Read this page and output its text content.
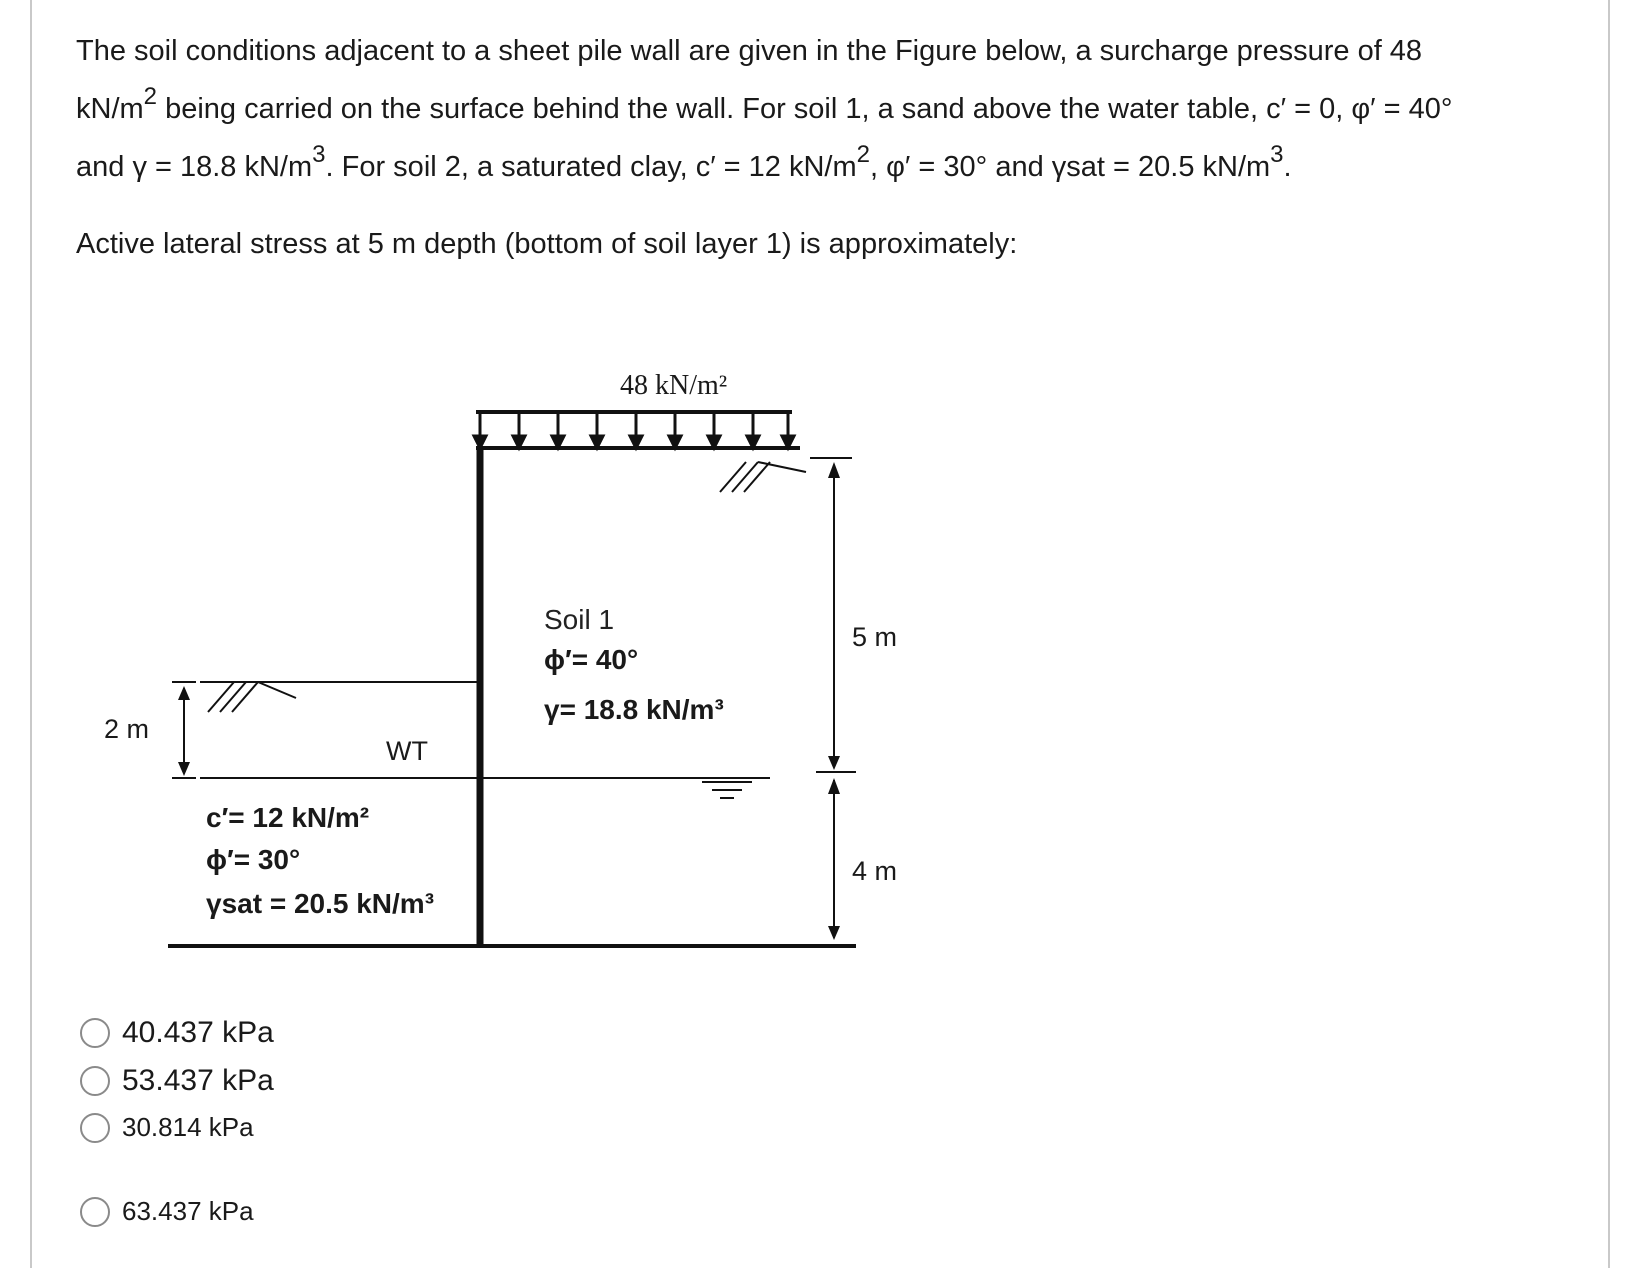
The soil conditions adjacent to a sheet pile wall are given in the Figure below, a surcharge pressure of 48
$kN/m^2$ being carried on the surface behind the wall. For soil 1, a sand above the water table, c′ = 0, φ′ = 40°
and γ = 18.8 $kN/m^3$. For soil 2, a saturated clay, c′ = 12 $kN/m^2$, φ′ = 30° and γsat = 20.5 $kN/m^3$.

Active lateral stress at 5 m depth (bottom of soil layer 1) is approximately:

48 kN/m²
Soil 1
ϕ′= 40°
γ= 18.8 kN/m³
5 m
4 m
2 m
WT
c′= 12 kN/m²
ϕ′= 30°
γsat = 20.5 kN/m³
40.437 kPa
53.437 kPa
30.814 kPa
63.437 kPa
